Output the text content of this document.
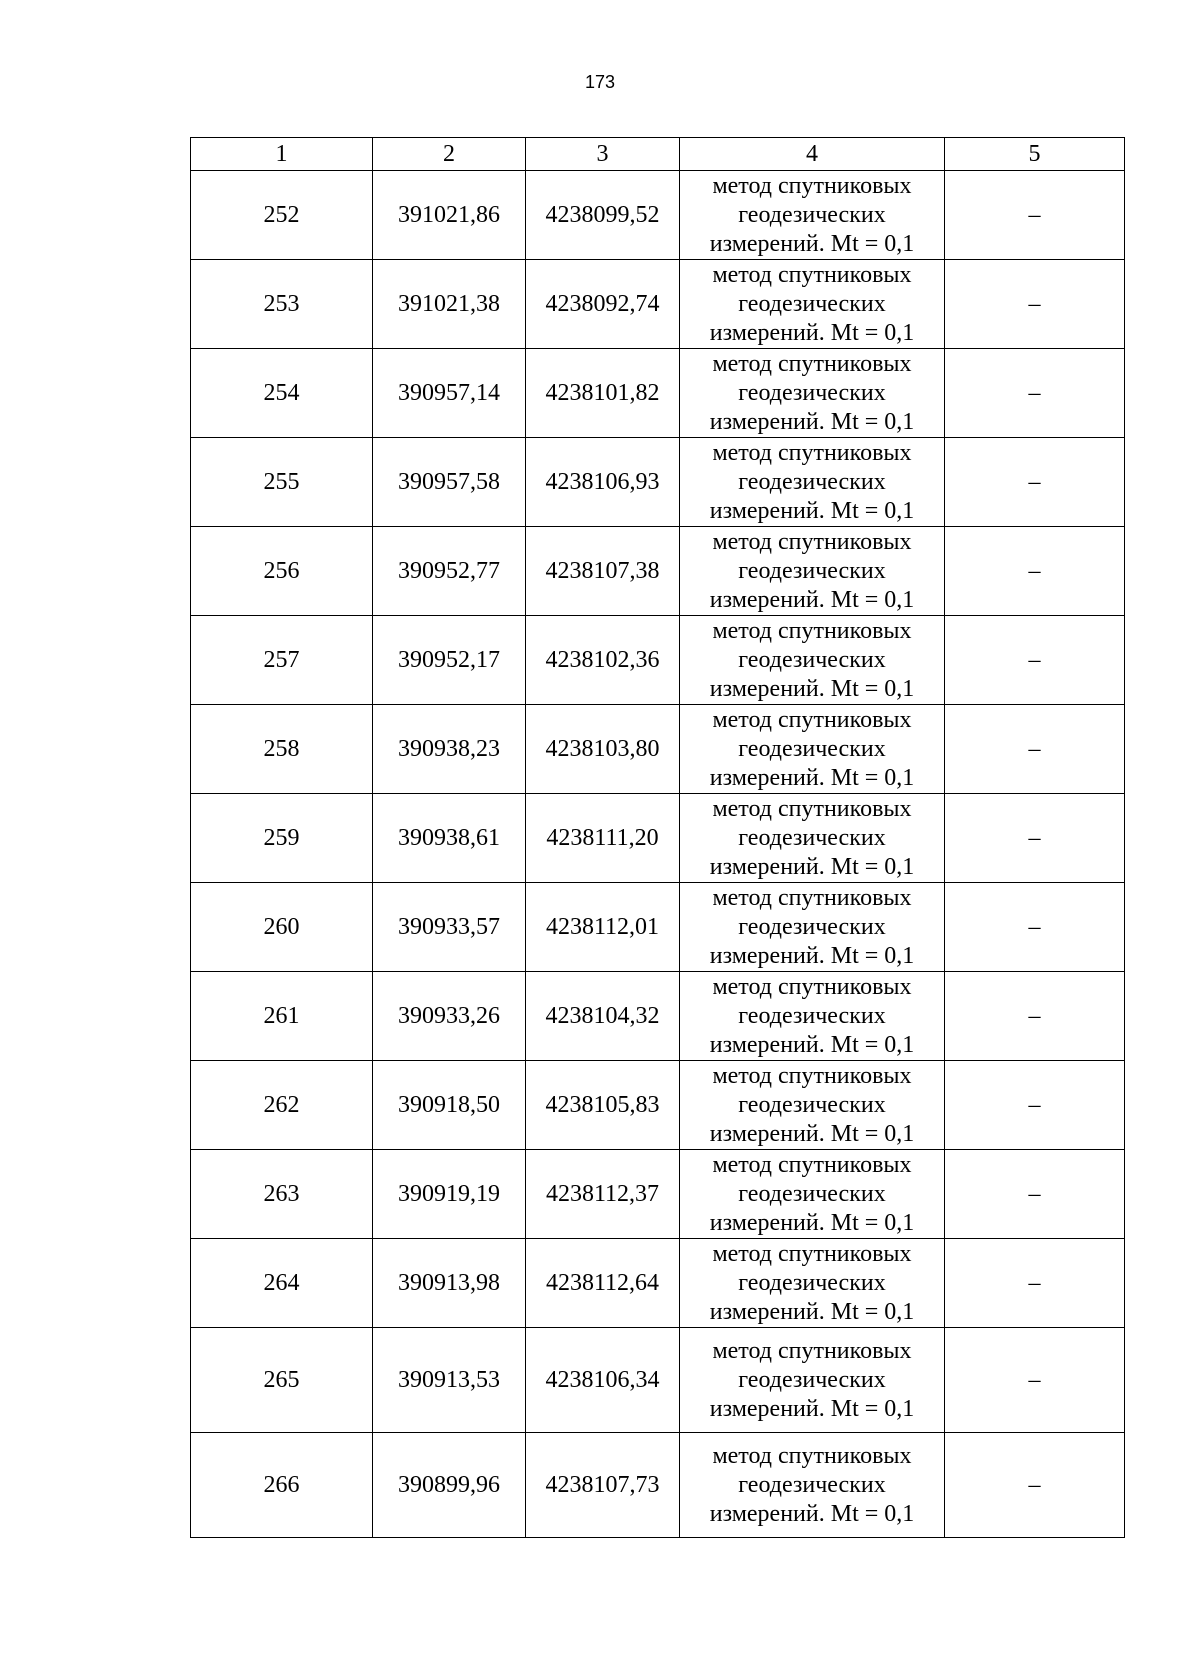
173
1	2	3	4	5
252	391021,86	4238099,52	метод спутниковых
геодезических
измерений. Mt = 0,1	–
253	391021,38	4238092,74	метод спутниковых
геодезических
измерений. Mt = 0,1	–
254	390957,14	4238101,82	метод спутниковых
геодезических
измерений. Mt = 0,1	–
255	390957,58	4238106,93	метод спутниковых
геодезических
измерений. Mt = 0,1	–
256	390952,77	4238107,38	метод спутниковых
геодезических
измерений. Mt = 0,1	–
257	390952,17	4238102,36	метод спутниковых
геодезических
измерений. Mt = 0,1	–
258	390938,23	4238103,80	метод спутниковых
геодезических
измерений. Mt = 0,1	–
259	390938,61	4238111,20	метод спутниковых
геодезических
измерений. Mt = 0,1	–
260	390933,57	4238112,01	метод спутниковых
геодезических
измерений. Mt = 0,1	–
261	390933,26	4238104,32	метод спутниковых
геодезических
измерений. Mt = 0,1	–
262	390918,50	4238105,83	метод спутниковых
геодезических
измерений. Mt = 0,1	–
263	390919,19	4238112,37	метод спутниковых
геодезических
измерений. Mt = 0,1	–
264	390913,98	4238112,64	метод спутниковых
геодезических
измерений. Mt = 0,1	–
265	390913,53	4238106,34	метод спутниковых
геодезических
измерений. Mt = 0,1	–
266	390899,96	4238107,73	метод спутниковых
геодезических
измерений. Mt = 0,1	–
